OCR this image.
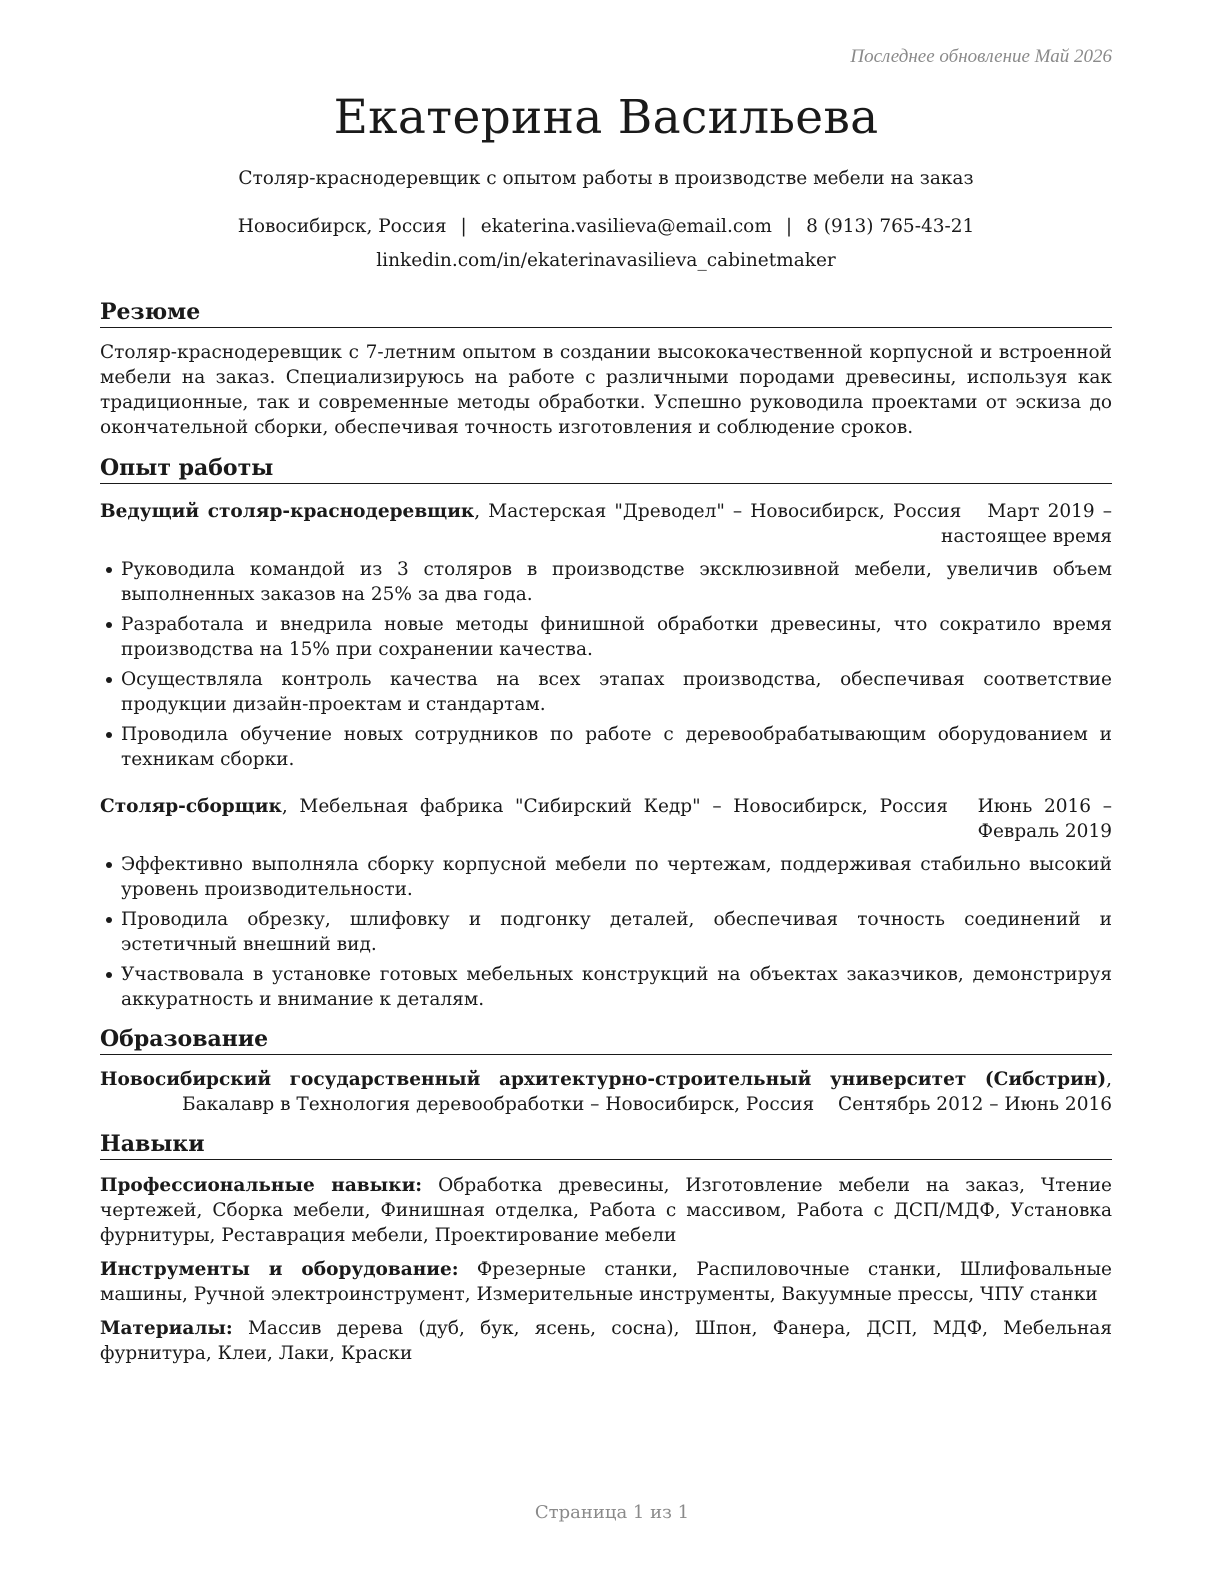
Последнее обновление Май 2026
Екатерина Васильева
Столяр-краснодеревщик с опытом работы в производстве мебели на заказ
Новосибирск, Россия | ekaterina.vasilieva@email.com | 8 (913) 765-43-21
linkedin.com/in/ekaterinavasilieva_cabinetmaker
Резюме

Столяр-краснодеревщик с 7-летним опытом в создании высококачественной корпусной и встроенной мебели на заказ. Специализируюсь на работе с различными породами древесины, используя как традиционные, так и современные методы обработки. Успешно руководила проектами от эскиза до окончательной сборки, обеспечивая точность изготовления и соблюдение сроков.

Опыт работы
Ведущий столяр-краснодеревщик, Мастерская "Древодел" – Новосибирск, Россия Март 2019 – настоящее время
Руководила командой из 3 столяров в производстве эксклюзивной мебели, увеличив объем выполненных заказов на 25% за два года.
Разработала и внедрила новые методы финишной обработки древесины, что сократило время производства на 15% при сохранении качества.
Осуществляла контроль качества на всех этапах производства, обеспечивая соответствие продукции дизайн-проектам и стандартам.
Проводила обучение новых сотрудников по работе с деревообрабатывающим оборудованием и техникам сборки.
Столяр-сборщик, Мебельная фабрика "Сибирский Кедр" – Новосибирск, Россия Июнь 2016 – Февраль 2019
Эффективно выполняла сборку корпусной мебели по чертежам, поддерживая стабильно высокий уровень производительности.
Проводила обрезку, шлифовку и подгонку деталей, обеспечивая точность соединений и эстетичный внешний вид.
Участвовала в установке готовых мебельных конструкций на объектах заказчиков, демонстрируя аккуратность и внимание к деталям.
Образование
Новосибирский государственный архитектурно-строительный университет (Сибстрин), Бакалавр в Технология деревообработки – Новосибирск, Россия Сентябрь 2012 – Июнь 2016
Навыки

Профессиональные навыки: Обработка древесины, Изготовление мебели на заказ, Чтение чертежей, Сборка мебели, Финишная отделка, Работа с массивом, Работа с ДСП/МДФ, Установка фурнитуры, Реставрация мебели, Проектирование мебели

Инструменты и оборудование: Фрезерные станки, Распиловочные станки, Шлифовальные машины, Ручной электроинструмент, Измерительные инструменты, Вакуумные прессы, ЧПУ станки

Материалы: Массив дерева (дуб, бук, ясень, сосна), Шпон, Фанера, ДСП, МДФ, Мебельная фурнитура, Клеи, Лаки, Краски

Страница 1 из 1
